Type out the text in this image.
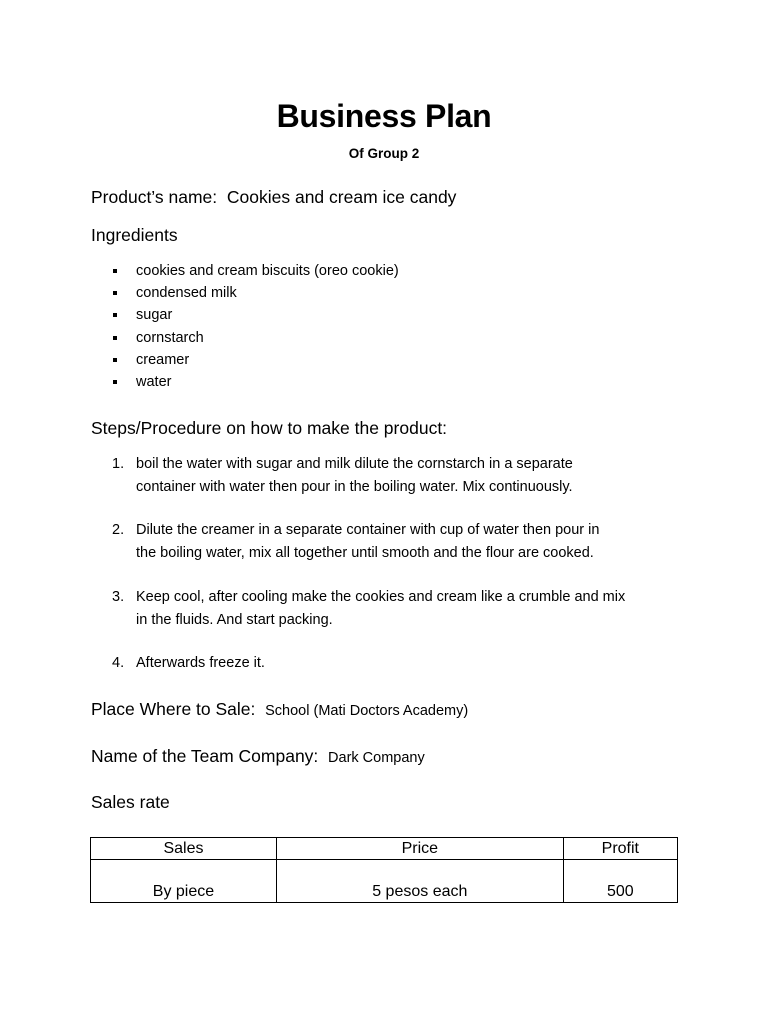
Business Plan
Of Group 2
Product’s name: Cookies and cream ice candy
Ingredients
cookies and cream biscuits (oreo cookie)
condensed milk
sugar
cornstarch
creamer
water
Steps/Procedure on how to make the product:
1. boil the water with sugar and milk dilute the cornstarch in a separate
container with water then pour in the boiling water. Mix continuously.
2. Dilute the creamer in a separate container with cup of water then pour in
the boiling water, mix all together until smooth and the flour are cooked.
3. Keep cool, after cooling make the cookies and cream like a crumble and mix
in the fluids. And start packing.
4. Afterwards freeze it.
Place Where to Sale: School (Mati Doctors Academy)
Name of the Team Company: Dark Company
Sales rate
Sales	Price	Profit
By piece	5 pesos each	500
